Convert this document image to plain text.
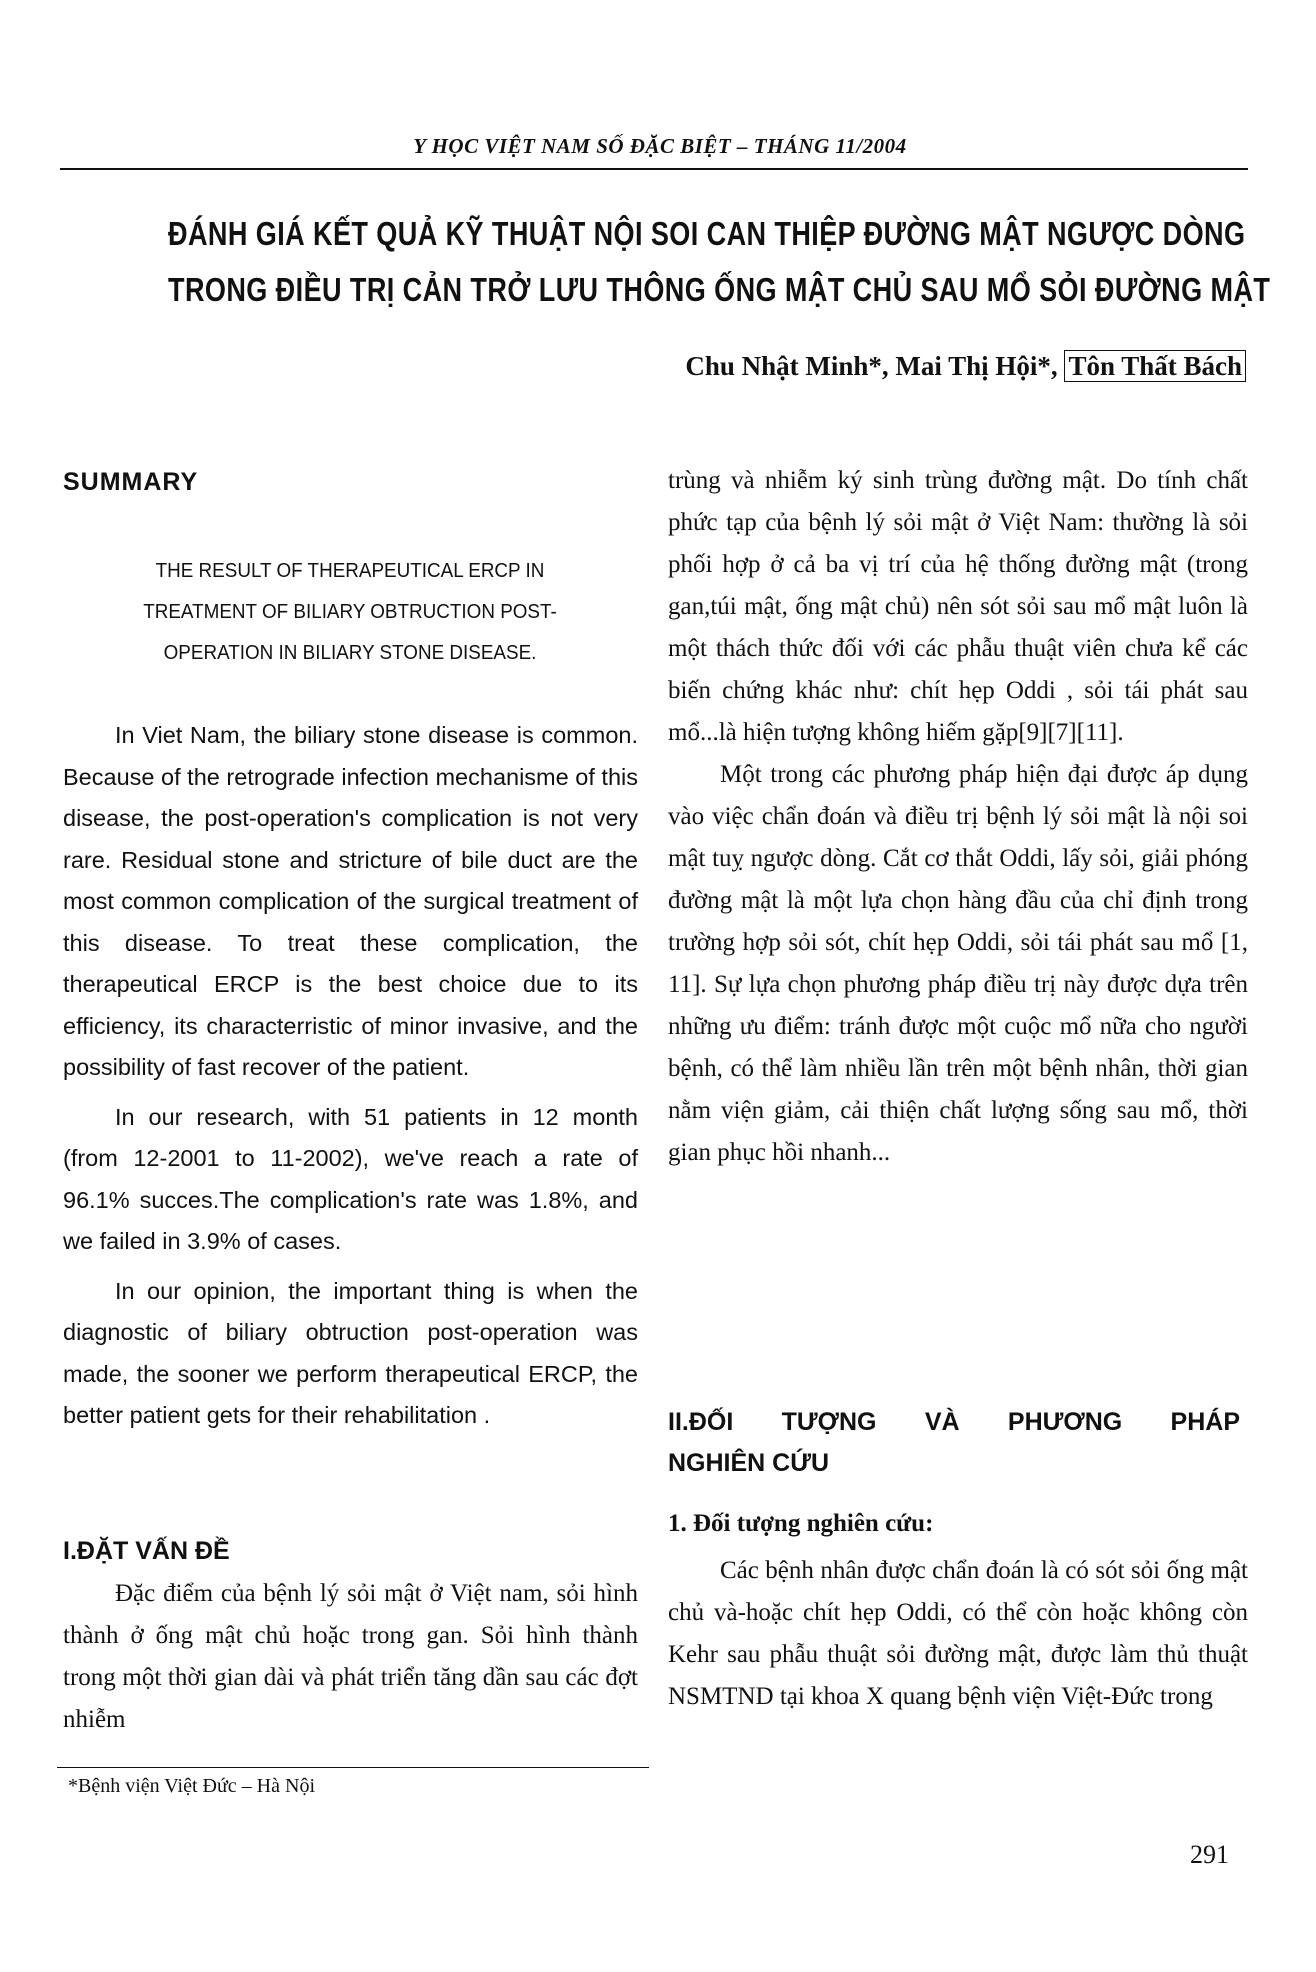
Y HỌC VIỆT NAM SỐ ĐẶC BIỆT – THÁNG 11/2004
ĐÁNH GIÁ KẾT QUẢ KỸ THUẬT NỘI SOI CAN THIỆP ĐƯỜNG MẬT NGƯỢC DÒNG
TRONG ĐIỀU TRỊ CẢN TRỞ LƯU THÔNG ỐNG MẬT CHỦ SAU MỔ SỎI ĐƯỜNG MẬT
Chu Nhật Minh*, Mai Thị Hội*, Tôn Thất Bách
SUMMARY
THE RESULT OF THERAPEUTICAL ERCP IN TREATMENT OF BILIARY OBTRUCTION POST-OPERATION IN BILIARY STONE DISEASE.

In Viet Nam, the biliary stone disease is common. Because of the retrograde infection mechanisme of this disease, the post-operation's complication is not very rare. Residual stone and stricture of bile duct are the most common complication of the surgical treatment of this disease. To treat these complication, the therapeutical ERCP is the best choice due to its efficiency, its characterristic of minor invasive, and the possibility of fast recover of the patient.

In our research, with 51 patients in 12 month (from 12-2001 to 11-2002), we've reach a rate of 96.1% succes.The complication's rate was 1.8%, and we failed in 3.9% of cases.

In our opinion, the important thing is when the diagnostic of biliary obtruction post-operation was made, the sooner we perform therapeutical ERCP, the better patient gets for their rehabilitation .

I.ĐẶT VẤN ĐỀ

Đặc điểm của bệnh lý sỏi mật ở Việt nam, sỏi hình thành ở ống mật chủ hoặc trong gan. Sỏi hình thành trong một thời gian dài và phát triển tăng dần sau các đợt nhiễm

*Bệnh viện Việt Đức – Hà Nội

trùng và nhiễm ký sinh trùng đường mật. Do tính chất phức tạp của bệnh lý sỏi mật ở Việt Nam: thường là sỏi phối hợp ở cả ba vị trí của hệ thống đường mật (trong gan,túi mật, ống mật chủ) nên sót sỏi sau mổ mật luôn là một thách thức đối với các phẫu thuật viên chưa kể các biến chứng khác như: chít hẹp Oddi , sỏi tái phát sau mổ...là hiện tượng không hiếm gặp[9][7][11].

Một trong các phương pháp hiện đại được áp dụng vào việc chẩn đoán và điều trị bệnh lý sỏi mật là nội soi mật tuỵ ngược dòng. Cắt cơ thắt Oddi, lấy sỏi, giải phóng đường mật là một lựa chọn hàng đầu của chỉ định trong trường hợp sỏi sót, chít hẹp Oddi, sỏi tái phát sau mổ [1, 11]. Sự lựa chọn phương pháp điều trị này được dựa trên những ưu điểm: tránh được một cuộc mổ nữa cho người bệnh, có thể làm nhiều lần trên một bệnh nhân, thời gian nằm viện giảm, cải thiện chất lượng sống sau mổ, thời gian phục hồi nhanh...

II.ĐỐI TƯỢNG VÀ PHƯƠNG PHÁP
NGHIÊN CỨU
1. Đối tượng nghiên cứu:

Các bệnh nhân được chẩn đoán là có sót sỏi ống mật chủ và-hoặc chít hẹp Oddi, có thể còn hoặc không còn Kehr sau phẫu thuật sỏi đường mật, được làm thủ thuật NSMTND tại khoa X quang bệnh viện Việt-Đức trong

291
